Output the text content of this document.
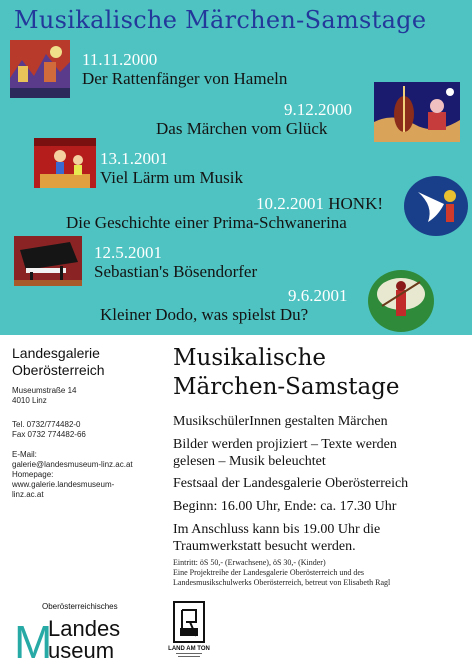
Musikalische Märchen-Samstage
11.11.2000
Der Rattenfänger von Hameln
9.12.2000
Das Märchen vom Glück
13.1.2001
Viel Lärm um Musik
10.2.2001 HONK!
Die Geschichte einer Prima-Schwanerina
12.5.2001
Sebastian's Bösendorfer
9.6.2001
Kleiner Dodo, was spielst Du?
Landesgalerie
Oberösterreich
Museumstraße 14
4010 Linz
Tel. 0732/774482-0
Fax 0732 774482-66
E-Mail:
galerie@landesmuseum-linz.ac.at
Homepage:
www.galerie.landesmuseum-
linz.ac.at
Musikalische
Märchen-Samstage
MusikschülerInnen gestalten Märchen
Bilder werden projiziert – Texte werden
gelesen – Musik beleuchtet
Festsaal der Landesgalerie Oberösterreich
Beginn: 16.00 Uhr, Ende: ca. 17.30 Uhr
Im Anschluss kann bis 19.00 Uhr die
Traumwerkstatt besucht werden.
Eintritt: öS 50,- (Erwachsene), öS 30,- (Kinder)
Eine Projektreihe der Landesgalerie Oberösterreich und des
Landesmusikschulwerks Oberösterreich, betreut von Elisabeth Ragl
Oberösterreichisches
M
Landes
useum	LAND AM TON
